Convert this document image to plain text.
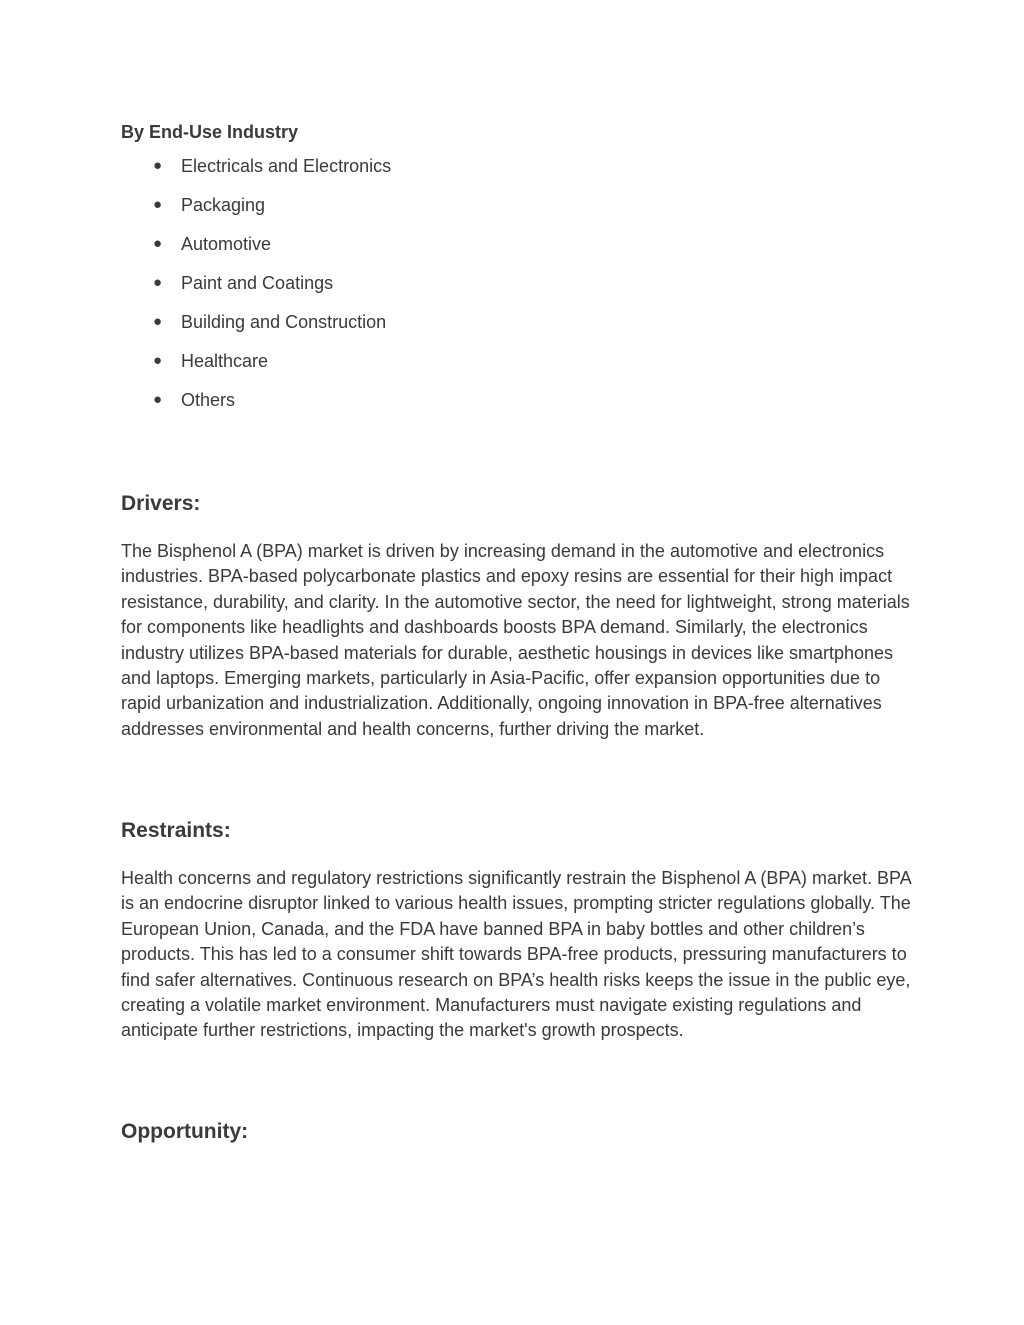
By End-Use Industry
● Electricals and Electronics
● Packaging
● Automotive
● Paint and Coatings
● Building and Construction
● Healthcare
● Others
Drivers:

The Bisphenol A (BPA) market is driven by increasing demand in the automotive and electronics industries. BPA-based polycarbonate plastics and epoxy resins are essential for their high impact resistance, durability, and clarity. In the automotive sector, the need for lightweight, strong materials for components like headlights and dashboards boosts BPA demand. Similarly, the electronics industry utilizes BPA-based materials for durable, aesthetic housings in devices like smartphones and laptops. Emerging markets, particularly in Asia-Pacific, offer expansion opportunities due to rapid urbanization and industrialization. Additionally, ongoing innovation in BPA-free alternatives addresses environmental and health concerns, further driving the market.

Restraints:

Health concerns and regulatory restrictions significantly restrain the Bisphenol A (BPA) market. BPA is an endocrine disruptor linked to various health issues, prompting stricter regulations globally. The European Union, Canada, and the FDA have banned BPA in baby bottles and other children’s products. This has led to a consumer shift towards BPA-free products, pressuring manufacturers to find safer alternatives. Continuous research on BPA’s health risks keeps the issue in the public eye, creating a volatile market environment. Manufacturers must navigate existing regulations and anticipate further restrictions, impacting the market's growth prospects.

Opportunity:
